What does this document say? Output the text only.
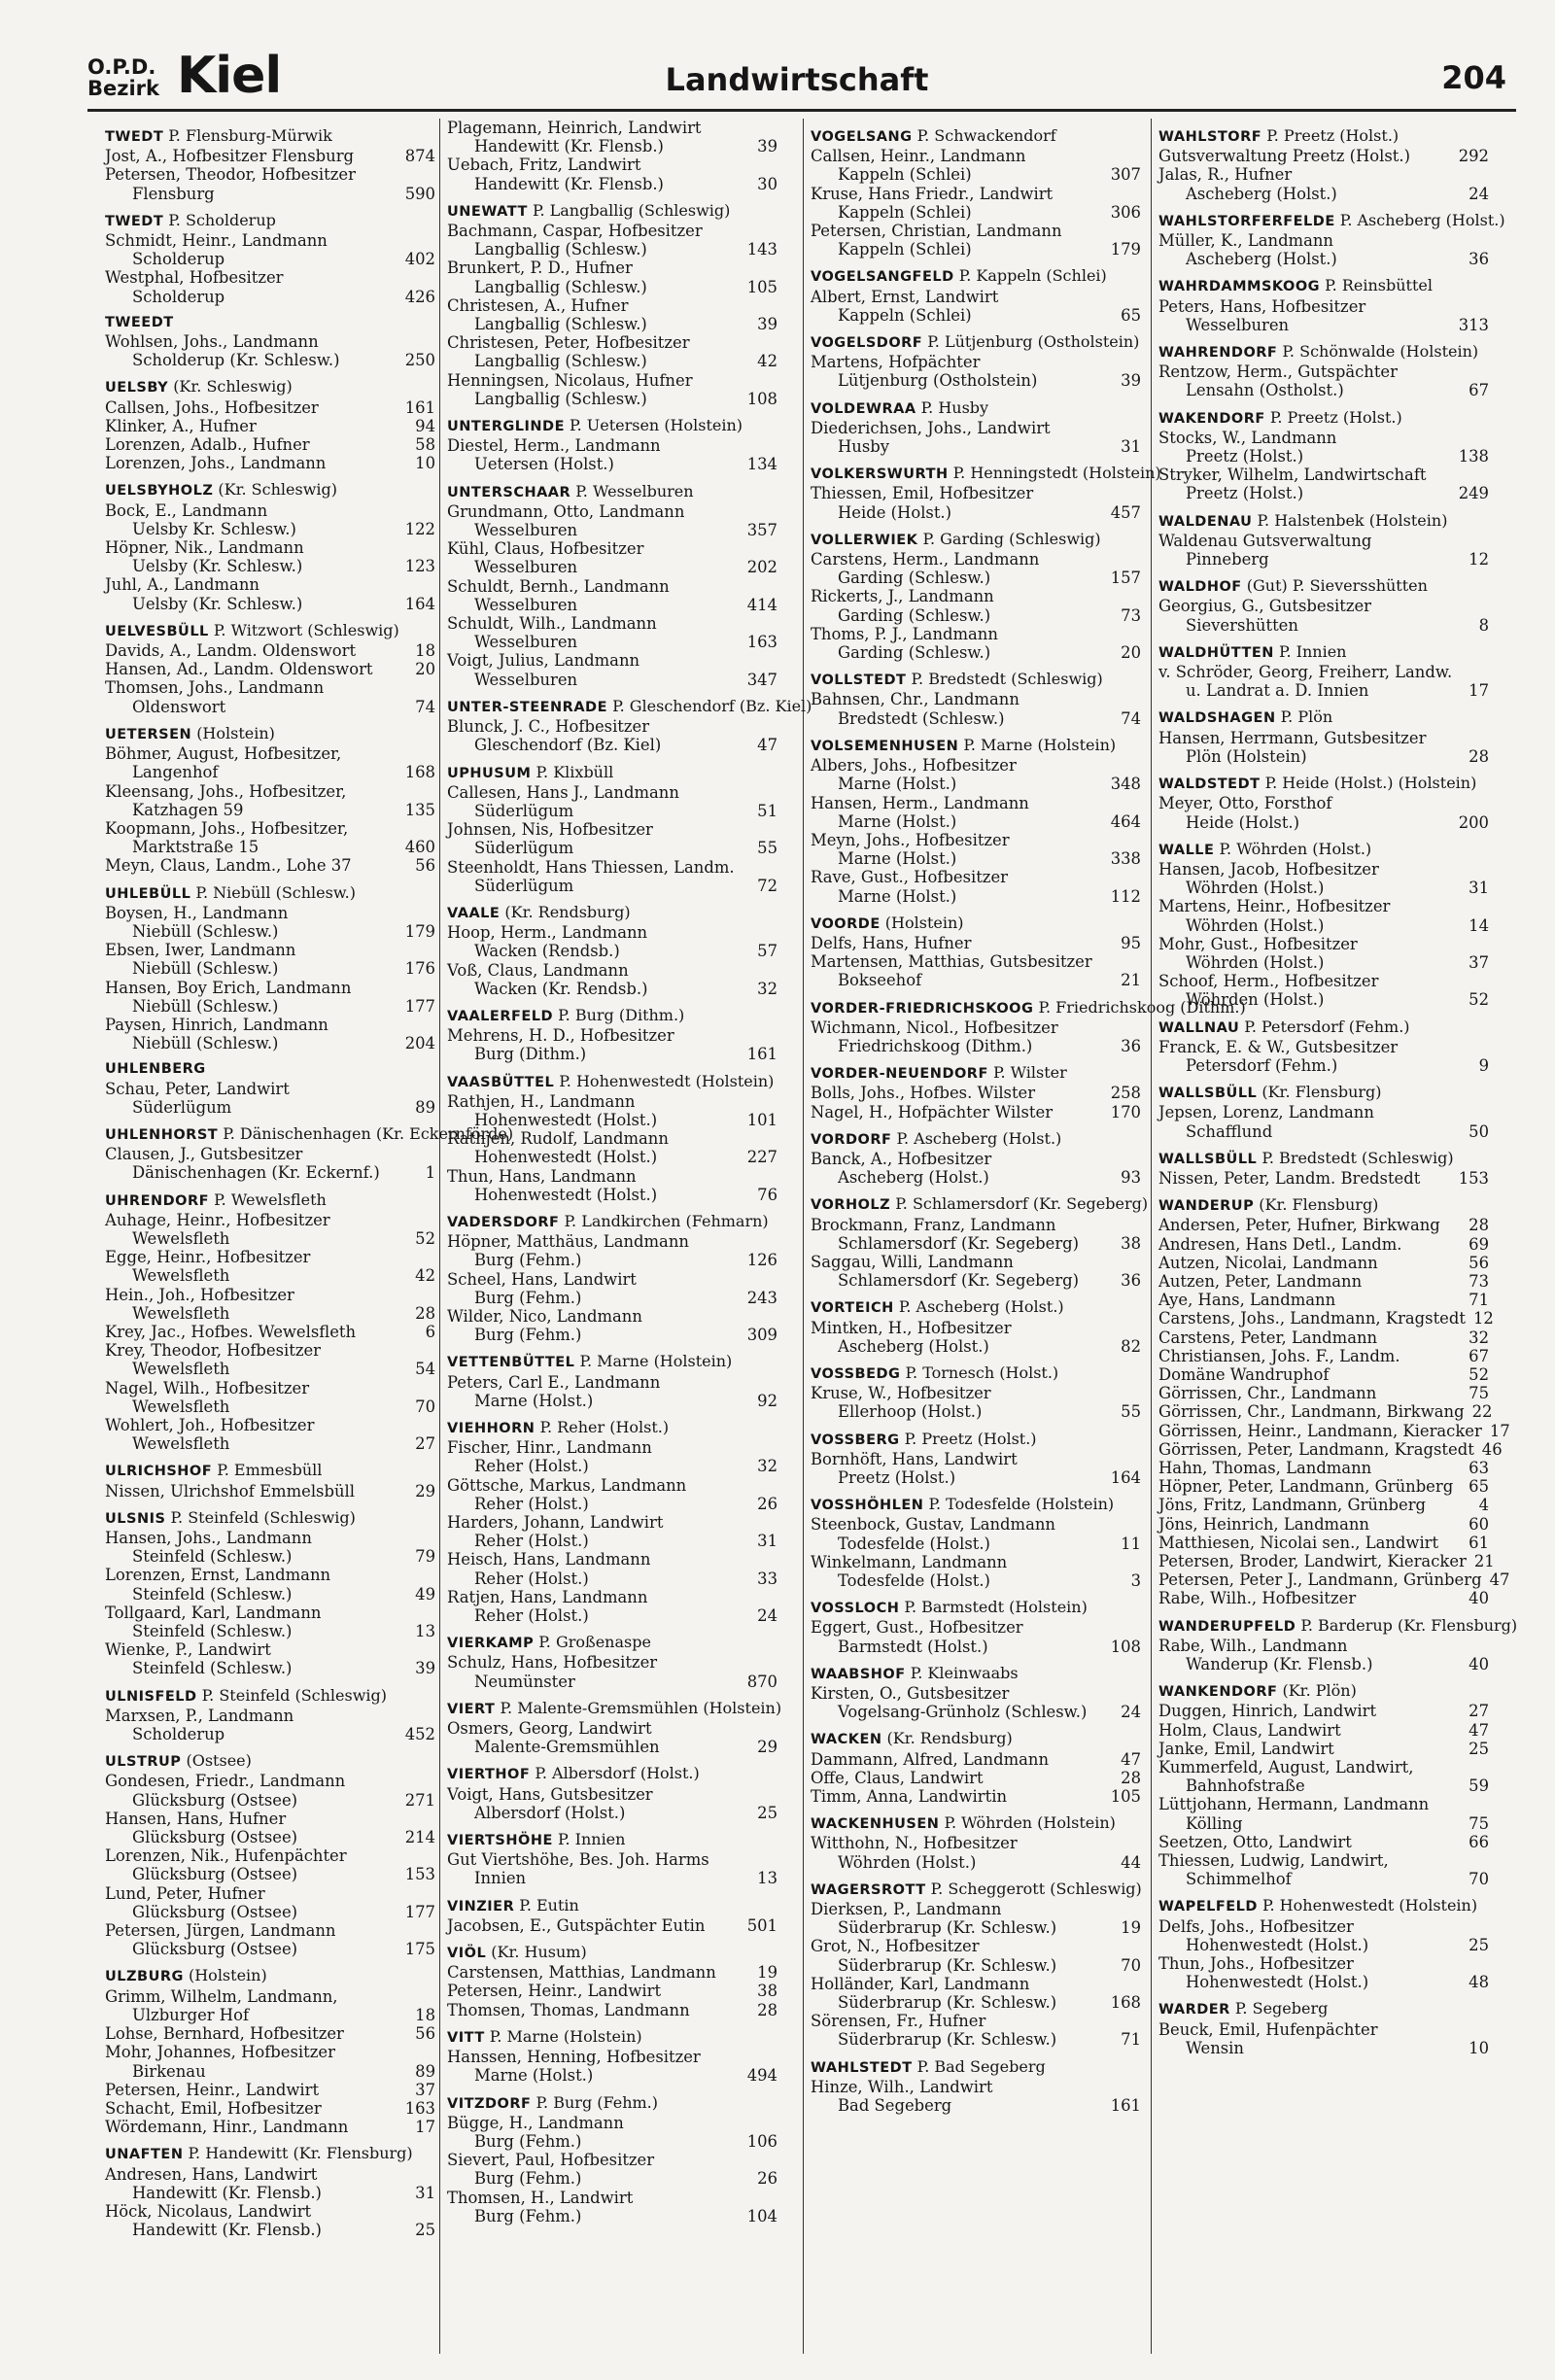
O.P.D.
Bezirk Kiel	Landwirtschaft	204
TWEDT P. Flensburg-Mürwik
Jost, A., Hofbesitzer Flensburg	874
Petersen, Theodor, Hofbesitzer
Flensburg	590
TWEDT P. Scholderup
Schmidt, Heinr., Landmann
Scholderup	402
Westphal, Hofbesitzer
Scholderup	426
TWEEDT
Wohlsen, Johs., Landmann
Scholderup (Kr. Schlesw.)	250
UELSBY (Kr. Schleswig)
Callsen, Johs., Hofbesitzer	161
Klinker, A., Hufner	94
Lorenzen, Adalb., Hufner	58
Lorenzen, Johs., Landmann	10
UELSBYHOLZ (Kr. Schleswig)
Bock, E., Landmann
Uelsby Kr. Schlesw.)	122
Höpner, Nik., Landmann
Uelsby (Kr. Schlesw.)	123
Juhl, A., Landmann
Uelsby (Kr. Schlesw.)	164
UELVESBÜLL P. Witzwort (Schleswig)
Davids, A., Landm. Oldenswort	18
Hansen, Ad., Landm. Oldenswort	20
Thomsen, Johs., Landmann
Oldenswort	74
UETERSEN (Holstein)
Böhmer, August, Hofbesitzer,
Langenhof	168
Kleensang, Johs., Hofbesitzer,
Katzhagen 59	135
Koopmann, Johs., Hofbesitzer,
Marktstraße 15	460
Meyn, Claus, Landm., Lohe 37	56
UHLEBÜLL P. Niebüll (Schlesw.)
Boysen, H., Landmann
Niebüll (Schlesw.)	179
Ebsen, Iwer, Landmann
Niebüll (Schlesw.)	176
Hansen, Boy Erich, Landmann
Niebüll (Schlesw.)	177
Paysen, Hinrich, Landmann
Niebüll (Schlesw.)	204
UHLENBERG
Schau, Peter, Landwirt
Süderlügum	89
UHLENHORST P. Dänischenhagen (Kr. Eckernförde)
Clausen, J., Gutsbesitzer
Dänischenhagen (Kr. Eckernf.)	1
UHRENDORF P. Wewelsfleth
Auhage, Heinr., Hofbesitzer
Wewelsfleth	52
Egge, Heinr., Hofbesitzer
Wewelsfleth	42
Hein., Joh., Hofbesitzer
Wewelsfleth	28
Krey, Jac., Hofbes. Wewelsfleth	6
Krey, Theodor, Hofbesitzer
Wewelsfleth	54
Nagel, Wilh., Hofbesitzer
Wewelsfleth	70
Wohlert, Joh., Hofbesitzer
Wewelsfleth	27
ULRICHSHOF P. Emmesbüll
Nissen, Ulrichshof Emmelsbüll	29
ULSNIS P. Steinfeld (Schleswig)
Hansen, Johs., Landmann
Steinfeld (Schlesw.)	79
Lorenzen, Ernst, Landmann
Steinfeld (Schlesw.)	49
Tollgaard, Karl, Landmann
Steinfeld (Schlesw.)	13
Wienke, P., Landwirt
Steinfeld (Schlesw.)	39
ULNISFELD P. Steinfeld (Schleswig)
Marxsen, P., Landmann
Scholderup	452
ULSTRUP (Ostsee)
Gondesen, Friedr., Landmann
Glücksburg (Ostsee)	271
Hansen, Hans, Hufner
Glücksburg (Ostsee)	214
Lorenzen, Nik., Hufenpächter
Glücksburg (Ostsee)	153
Lund, Peter, Hufner
Glücksburg (Ostsee)	177
Petersen, Jürgen, Landmann
Glücksburg (Ostsee)	175
ULZBURG (Holstein)
Grimm, Wilhelm, Landmann,
Ulzburger Hof	18
Lohse, Bernhard, Hofbesitzer	56
Mohr, Johannes, Hofbesitzer
Birkenau	89
Petersen, Heinr., Landwirt	37
Schacht, Emil, Hofbesitzer	163
Wördemann, Hinr., Landmann	17
UNAFTEN P. Handewitt (Kr. Flensburg)
Andresen, Hans, Landwirt
Handewitt (Kr. Flensb.)	31
Höck, Nicolaus, Landwirt
Handewitt (Kr. Flensb.)	25
Plagemann, Heinrich, Landwirt
Handewitt (Kr. Flensb.)	39
Uebach, Fritz, Landwirt
Handewitt (Kr. Flensb.)	30
UNEWATT P. Langballig (Schleswig)
Bachmann, Caspar, Hofbesitzer
Langballig (Schlesw.)	143
Brunkert, P. D., Hufner
Langballig (Schlesw.)	105
Christesen, A., Hufner
Langballig (Schlesw.)	39
Christesen, Peter, Hofbesitzer
Langballig (Schlesw.)	42
Henningsen, Nicolaus, Hufner
Langballig (Schlesw.)	108
UNTERGLINDE P. Uetersen (Holstein)
Diestel, Herm., Landmann
Uetersen (Holst.)	134
UNTERSCHAAR P. Wesselburen
Grundmann, Otto, Landmann
Wesselburen	357
Kühl, Claus, Hofbesitzer
Wesselburen	202
Schuldt, Bernh., Landmann
Wesselburen	414
Schuldt, Wilh., Landmann
Wesselburen	163
Voigt, Julius, Landmann
Wesselburen	347
UNTER-STEENRADE P. Gleschendorf (Bz. Kiel)
Blunck, J. C., Hofbesitzer
Gleschendorf (Bz. Kiel)	47
UPHUSUM P. Klixbüll
Callesen, Hans J., Landmann
Süderlügum	51
Johnsen, Nis, Hofbesitzer
Süderlügum	55
Steenholdt, Hans Thiessen, Landm.
Süderlügum	72
VAALE (Kr. Rendsburg)
Hoop, Herm., Landmann
Wacken (Rendsb.)	57
Voß, Claus, Landmann
Wacken (Kr. Rendsb.)	32
VAALERFELD P. Burg (Dithm.)
Mehrens, H. D., Hofbesitzer
Burg (Dithm.)	161
VAASBÜTTEL P. Hohenwestedt (Holstein)
Rathjen, H., Landmann
Hohenwestedt (Holst.)	101
Rathjen, Rudolf, Landmann
Hohenwestedt (Holst.)	227
Thun, Hans, Landmann
Hohenwestedt (Holst.)	76
VADERSDORF P. Landkirchen (Fehmarn)
Höpner, Matthäus, Landmann
Burg (Fehm.)	126
Scheel, Hans, Landwirt
Burg (Fehm.)	243
Wilder, Nico, Landmann
Burg (Fehm.)	309
VETTENBÜTTEL P. Marne (Holstein)
Peters, Carl E., Landmann
Marne (Holst.)	92
VIEHHORN P. Reher (Holst.)
Fischer, Hinr., Landmann
Reher (Holst.)	32
Göttsche, Markus, Landmann
Reher (Holst.)	26
Harders, Johann, Landwirt
Reher (Holst.)	31
Heisch, Hans, Landmann
Reher (Holst.)	33
Ratjen, Hans, Landmann
Reher (Holst.)	24
VIERKAMP P. Großenaspe
Schulz, Hans, Hofbesitzer
Neumünster	870
VIERT P. Malente-Gremsmühlen (Holstein)
Osmers, Georg, Landwirt
Malente-Gremsmühlen	29
VIERTHOF P. Albersdorf (Holst.)
Voigt, Hans, Gutsbesitzer
Albersdorf (Holst.)	25
VIERTSHÖHE P. Innien
Gut Viertshöhe, Bes. Joh. Harms
Innien	13
VINZIER P. Eutin
Jacobsen, E., Gutspächter Eutin	501
VIÖL (Kr. Husum)
Carstensen, Matthias, Landmann	19
Petersen, Heinr., Landwirt	38
Thomsen, Thomas, Landmann	28
VITT P. Marne (Holstein)
Hanssen, Henning, Hofbesitzer
Marne (Holst.)	494
VITZDORF P. Burg (Fehm.)
Bügge, H., Landmann
Burg (Fehm.)	106
Sievert, Paul, Hofbesitzer
Burg (Fehm.)	26
Thomsen, H., Landwirt
Burg (Fehm.)	104
VOGELSANG P. Schwackendorf
Callsen, Heinr., Landmann
Kappeln (Schlei)	307
Kruse, Hans Friedr., Landwirt
Kappeln (Schlei)	306
Petersen, Christian, Landmann
Kappeln (Schlei)	179
VOGELSANGFELD P. Kappeln (Schlei)
Albert, Ernst, Landwirt
Kappeln (Schlei)	65
VOGELSDORF P. Lütjenburg (Ostholstein)
Martens, Hofpächter
Lütjenburg (Ostholstein)	39
VOLDEWRAA P. Husby
Diederichsen, Johs., Landwirt
Husby	31
VOLKERSWURTH P. Henningstedt (Holstein)
Thiessen, Emil, Hofbesitzer
Heide (Holst.)	457
VOLLERWIEK P. Garding (Schleswig)
Carstens, Herm., Landmann
Garding (Schlesw.)	157
Rickerts, J., Landmann
Garding (Schlesw.)	73
Thoms, P. J., Landmann
Garding (Schlesw.)	20
VOLLSTEDT P. Bredstedt (Schleswig)
Bahnsen, Chr., Landmann
Bredstedt (Schlesw.)	74
VOLSEMENHUSEN P. Marne (Holstein)
Albers, Johs., Hofbesitzer
Marne (Holst.)	348
Hansen, Herm., Landmann
Marne (Holst.)	464
Meyn, Johs., Hofbesitzer
Marne (Holst.)	338
Rave, Gust., Hofbesitzer
Marne (Holst.)	112
VOORDE (Holstein)
Delfs, Hans, Hufner	95
Martensen, Matthias, Gutsbesitzer
Bokseehof	21
VORDER-FRIEDRICHSKOOG P. Friedrichskoog (Dithm.)
Wichmann, Nicol., Hofbesitzer
Friedrichskoog (Dithm.)	36
VORDER-NEUENDORF P. Wilster
Bolls, Johs., Hofbes. Wilster	258
Nagel, H., Hofpächter Wilster	170
VORDORF P. Ascheberg (Holst.)
Banck, A., Hofbesitzer
Ascheberg (Holst.)	93
VORHOLZ P. Schlamersdorf (Kr. Segeberg)
Brockmann, Franz, Landmann
Schlamersdorf (Kr. Segeberg)	38
Saggau, Willi, Landmann
Schlamersdorf (Kr. Segeberg)	36
VORTEICH P. Ascheberg (Holst.)
Mintken, H., Hofbesitzer
Ascheberg (Holst.)	82
VOSSBEDG P. Tornesch (Holst.)
Kruse, W., Hofbesitzer
Ellerhoop (Holst.)	55
VOSSBERG P. Preetz (Holst.)
Bornhöft, Hans, Landwirt
Preetz (Holst.)	164
VOSSHÖHLEN P. Todesfelde (Holstein)
Steenbock, Gustav, Landmann
Todesfelde (Holst.)	11
Winkelmann, Landmann
Todesfelde (Holst.)	3
VOSSLOCH P. Barmstedt (Holstein)
Eggert, Gust., Hofbesitzer
Barmstedt (Holst.)	108
WAABSHOF P. Kleinwaabs
Kirsten, O., Gutsbesitzer
Vogelsang-Grünholz (Schlesw.)	24
WACKEN (Kr. Rendsburg)
Dammann, Alfred, Landmann	47
Offe, Claus, Landwirt	28
Timm, Anna, Landwirtin	105
WACKENHUSEN P. Wöhrden (Holstein)
Witthohn, N., Hofbesitzer
Wöhrden (Holst.)	44
WAGERSROTT P. Scheggerott (Schleswig)
Dierksen, P., Landmann
Süderbrarup (Kr. Schlesw.)	19
Grot, N., Hofbesitzer
Süderbrarup (Kr. Schlesw.)	70
Holländer, Karl, Landmann
Süderbrarup (Kr. Schlesw.)	168
Sörensen, Fr., Hufner
Süderbrarup (Kr. Schlesw.)	71
WAHLSTEDT P. Bad Segeberg
Hinze, Wilh., Landwirt
Bad Segeberg	161
WAHLSTORF P. Preetz (Holst.)
Gutsverwaltung Preetz (Holst.)	292
Jalas, R., Hufner
Ascheberg (Holst.)	24
WAHLSTORFERFELDE P. Ascheberg (Holst.)
Müller, K., Landmann
Ascheberg (Holst.)	36
WAHRDAMMSKOOG P. Reinsbüttel
Peters, Hans, Hofbesitzer
Wesselburen	313
WAHRENDORF P. Schönwalde (Holstein)
Rentzow, Herm., Gutspächter
Lensahn (Ostholst.)	67
WAKENDORF P. Preetz (Holst.)
Stocks, W., Landmann
Preetz (Holst.)	138
Stryker, Wilhelm, Landwirtschaft
Preetz (Holst.)	249
WALDENAU P. Halstenbek (Holstein)
Waldenau Gutsverwaltung
Pinneberg	12
WALDHOF (Gut) P. Sieversshütten
Georgius, G., Gutsbesitzer
Sievershütten	8
WALDHÜTTEN P. Innien
v. Schröder, Georg, Freiherr, Landw.
u. Landrat a. D. Innien	17
WALDSHAGEN P. Plön
Hansen, Herrmann, Gutsbesitzer
Plön (Holstein)	28
WALDSTEDT P. Heide (Holst.) (Holstein)
Meyer, Otto, Forsthof
Heide (Holst.)	200
WALLE P. Wöhrden (Holst.)
Hansen, Jacob, Hofbesitzer
Wöhrden (Holst.)	31
Martens, Heinr., Hofbesitzer
Wöhrden (Holst.)	14
Mohr, Gust., Hofbesitzer
Wöhrden (Holst.)	37
Schoof, Herm., Hofbesitzer
Wöhrden (Holst.)	52
WALLNAU P. Petersdorf (Fehm.)
Franck, E. & W., Gutsbesitzer
Petersdorf (Fehm.)	9
WALLSBÜLL (Kr. Flensburg)
Jepsen, Lorenz, Landmann
Schafflund	50
WALLSBÜLL P. Bredstedt (Schleswig)
Nissen, Peter, Landm. Bredstedt	153
WANDERUP (Kr. Flensburg)
Andersen, Peter, Hufner, Birkwang	28
Andresen, Hans Detl., Landm.	69
Autzen, Nicolai, Landmann	56
Autzen, Peter, Landmann	73
Aye, Hans, Landmann	71
Carstens, Johs., Landmann, Kragstedt 12
Carstens, Peter, Landmann	32
Christiansen, Johs. F., Landm.	67
Domäne Wandruphof	52
Görrissen, Chr., Landmann	75
Görrissen, Chr., Landmann, Birkwang 22
Görrissen, Heinr., Landmann, Kieracker 17
Görrissen, Peter, Landmann, Kragstedt 46
Hahn, Thomas, Landmann	63
Höpner, Peter, Landmann, Grünberg 65
Jöns, Fritz, Landmann, Grünberg	4
Jöns, Heinrich, Landmann	60
Matthiesen, Nicolai sen., Landwirt	61
Petersen, Broder, Landwirt, Kieracker 21
Petersen, Peter J., Landmann, Grünberg 47
Rabe, Wilh., Hofbesitzer	40
WANDERUPFELD P. Barderup (Kr. Flensburg)
Rabe, Wilh., Landmann
Wanderup (Kr. Flensb.)	40
WANKENDORF (Kr. Plön)
Duggen, Hinrich, Landwirt	27
Holm, Claus, Landwirt	47
Janke, Emil, Landwirt	25
Kummerfeld, August, Landwirt,
Bahnhofstraße	59
Lüttjohann, Hermann, Landmann
Kölling	75
Seetzen, Otto, Landwirt	66
Thiessen, Ludwig, Landwirt,
Schimmelhof	70
WAPELFELD P. Hohenwestedt (Holstein)
Delfs, Johs., Hofbesitzer
Hohenwestedt (Holst.)	25
Thun, Johs., Hofbesitzer
Hohenwestedt (Holst.)	48
WARDER P. Segeberg
Beuck, Emil, Hufenpächter
Wensin	10
